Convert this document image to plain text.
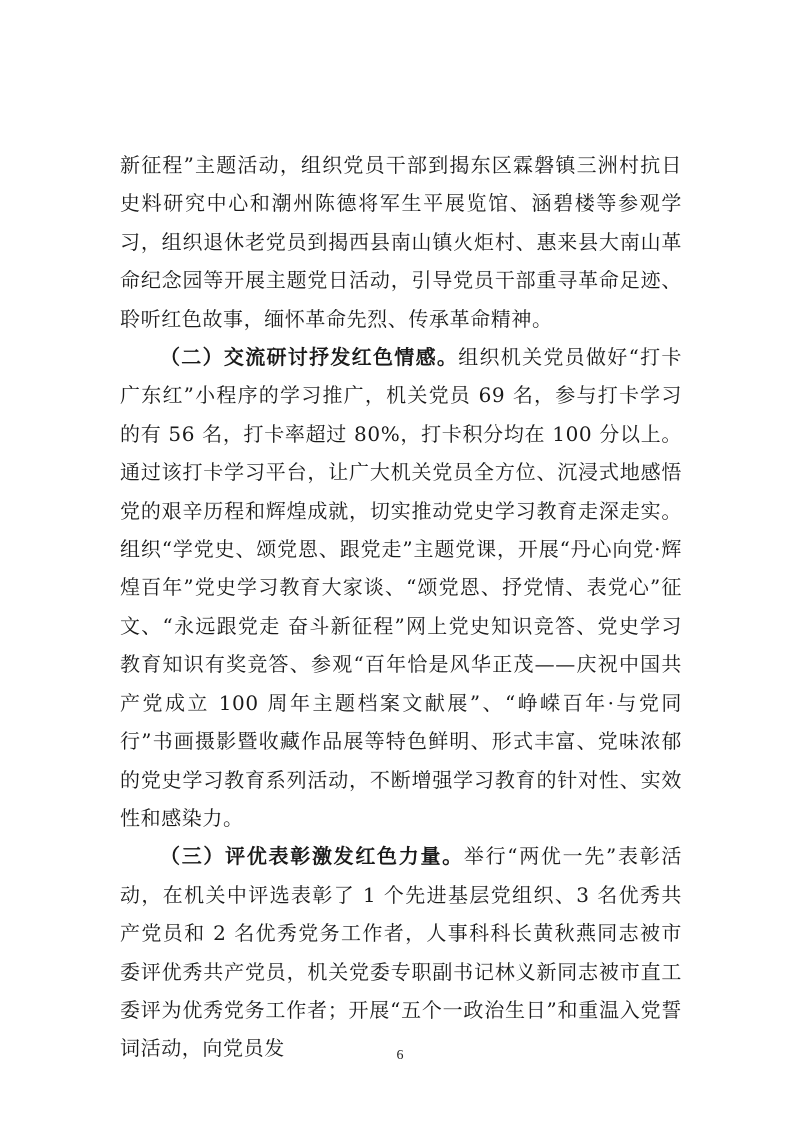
新征程”主题活动，组织党员干部到揭东区霖磐镇三洲村抗日史料研究中心和潮州陈德将军生平展览馆、涵碧楼等参观学习，组织退休老党员到揭西县南山镇火炬村、惠来县大南山革命纪念园等开展主题党日活动，引导党员干部重寻革命足迹、聆听红色故事，缅怀革命先烈、传承革命精神。

（二）交流研讨抒发红色情感。组织机关党员做好“打卡广东红”小程序的学习推广，机关党员 69 名，参与打卡学习的有 56 名，打卡率超过 80%，打卡积分均在 100 分以上。通过该打卡学习平台，让广大机关党员全方位、沉浸式地感悟党的艰辛历程和辉煌成就，切实推动党史学习教育走深走实。组织“学党史、颂党恩、跟党走”主题党课，开展“丹心向党·辉煌百年”党史学习教育大家谈、“颂党恩、抒党情、表党心”征文、“永远跟党走 奋斗新征程”网上党史知识竞答、党史学习教育知识有奖竞答、参观“百年恰是风华正茂——庆祝中国共产党成立 100 周年主题档案文献展”、“峥嵘百年·与党同行”书画摄影暨收藏作品展等特色鲜明、形式丰富、党味浓郁的党史学习教育系列活动，不断增强学习教育的针对性、实效性和感染力。

（三）评优表彰激发红色力量。举行“两优一先”表彰活动，在机关中评选表彰了 1 个先进基层党组织、3 名优秀共产党员和 2 名优秀党务工作者，人事科科长黄秋燕同志被市委评优秀共产党员，机关党委专职副书记林义新同志被市直工委评为优秀党务工作者；开展“五个一政治生日”和重温入党誓词活动，向党员发	6
